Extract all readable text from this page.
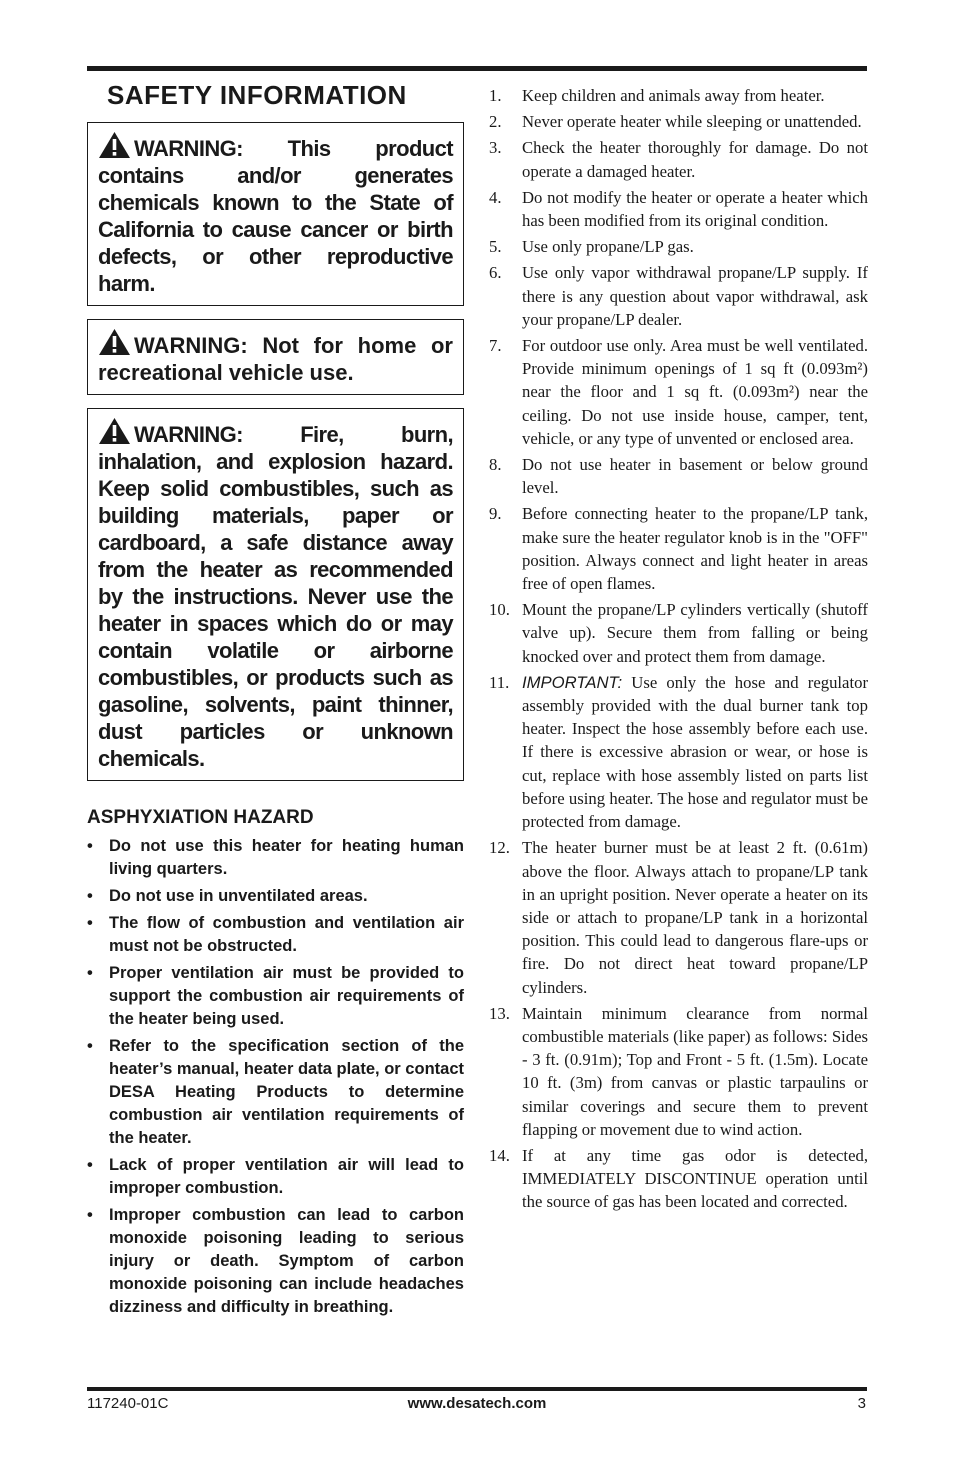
SAFETY INFORMATION
WARNING: This product contains and/or generates chemicals known to the State of California to cause cancer or birth defects, or other reproductive harm.
WARNING: Not for home or recreational vehicle use.
WARNING: Fire, burn, inhalation, and explosion hazard. Keep solid combustibles, such as building materials, paper or cardboard, a safe distance away from the heater as recommended by the instructions. Never use the heater in spaces which do or may contain volatile or airborne combustibles, or products such as gasoline, solvents, paint thinner, dust particles or unknown chemicals.
ASPHYXIATION HAZARD
• Do not use this heater for heating human living quarters.
• Do not use in unventilated areas.
• The flow of combustion and ventilation air must not be obstructed.
• Proper ventilation air must be provided to support the combustion air requirements of the heater being used.
• Refer to the specification section of the heater’s manual, heater data plate, or contact DESA Heating Products to determine combustion air ventilation requirements of the heater.
• Lack of proper ventilation air will lead to improper combustion.
• Improper combustion can lead to carbon monoxide poisoning leading to serious injury or death. Symptom of carbon monoxide poisoning can include headaches dizziness and difficulty in breathing.
1. Keep children and animals away from heater.
2. Never operate heater while sleeping or unattended.
3. Check the heater thoroughly for damage. Do not operate a damaged heater.
4. Do not modify the heater or operate a heater which has been modified from its original condition.
5. Use only propane/LP gas.
6. Use only vapor withdrawal propane/LP supply. If there is any question about vapor withdrawal, ask your propane/LP dealer.
7. For outdoor use only. Area must be well ventilated. Provide minimum openings of 1 sq ft (0.093m²) near the floor and 1 sq ft. (0.093m²) near the ceiling. Do not use inside house, camper, tent, vehicle, or any type of unvented or enclosed area.
8. Do not use heater in basement or below ground level.
9. Before connecting heater to the propane/LP tank, make sure the heater regulator knob is in the "OFF" position. Always connect and light heater in areas free of open flames.
10. Mount the propane/LP cylinders vertically (shutoff valve up). Secure them from falling or being knocked over and protect them from damage.
11. IMPORTANT: Use only the hose and regulator assembly provided with the dual burner tank top heater. Inspect the hose assembly before each use. If there is excessive abrasion or wear, or hose is cut, replace with hose assembly listed on parts list before using heater. The hose and regulator must be protected from damage.
12. The heater burner must be at least 2 ft. (0.61m) above the floor. Always attach to propane/LP tank in an upright position. Never operate a heater on its side or attach to propane/LP tank in a horizontal position. This could lead to dangerous flare-ups or fire. Do not direct heat toward propane/LP cylinders.
13. Maintain minimum clearance from normal combustible materials (like paper) as follows: Sides - 3 ft. (0.91m); Top and Front - 5 ft. (1.5m). Locate 10 ft. (3m) from canvas or plastic tarpaulins or similar coverings and secure them to prevent flapping or movement due to wind action.
14. If at any time gas odor is detected, IMMEDIATELY DISCONTINUE operation until the source of gas has been located and corrected.
117240-01C	www.desatech.com	3
